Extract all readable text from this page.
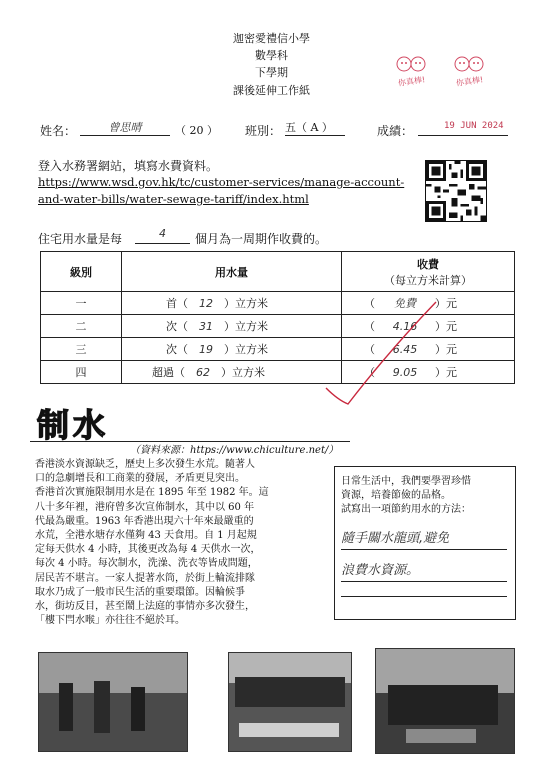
迦密愛禮信小學
數學科
下學期
課後延伸工作紙
你真棒!	你真棒!
姓名：	曾思晴	（ 20 ） 班別： 五（ A ）	成績：	19 JUN 2024
登入水務署網站，填寫水費資料。
https://www.wsd.gov.hk/tc/customer-services/manage-account-
and-water-bills/water-sewage-tariff/index.html
住宅用水量是每	4	個月為一周期作收費的。
級別	用水量	收費
（每立方米計算）

一	首（ 12 ）立方米	（ 免費 ）元
二	次（ 31 ）立方米	（ 4.16 ）元
三	次（ 19 ）立方米	（ 6.45 ）元
四	超過（ 62 ）立方米	（ 9.05 ）元
制水
（資料來源：https://www.chiculture.net/）
香港淡水資源缺乏，歷史上多次發生水荒。隨著人
口的急劇增長和工商業的發展，矛盾更見突出。
香港首次實施限制用水是在 1895 年至 1982 年。這
八十多年裡，港府曾多次宣佈制水，其中以 60 年
代最為嚴重。1963 年香港出現六十年來最嚴重的
水荒，全港水塘存水僅夠 43 天食用。自 1 月起規
定每天供水 4 小時，其後更改為每 4 天供水一次，
每次 4 小時。每次制水，洗澡、洗衣等皆成問題，
居民苦不堪言。一家人提著水筒，於街上輪流排隊
取水乃成了一般市民生活的重要環節。因輪候爭
水，街坊反目，甚至鬧上法庭的事情亦多次發生，
「樓下閂水喉」亦往往不絕於耳。
日常生活中，我們要學習珍惜
資源，培養節儉的品格。
試寫出一項節約用水的方法：
隨手關水龍頭,避免
浪費水資源。
